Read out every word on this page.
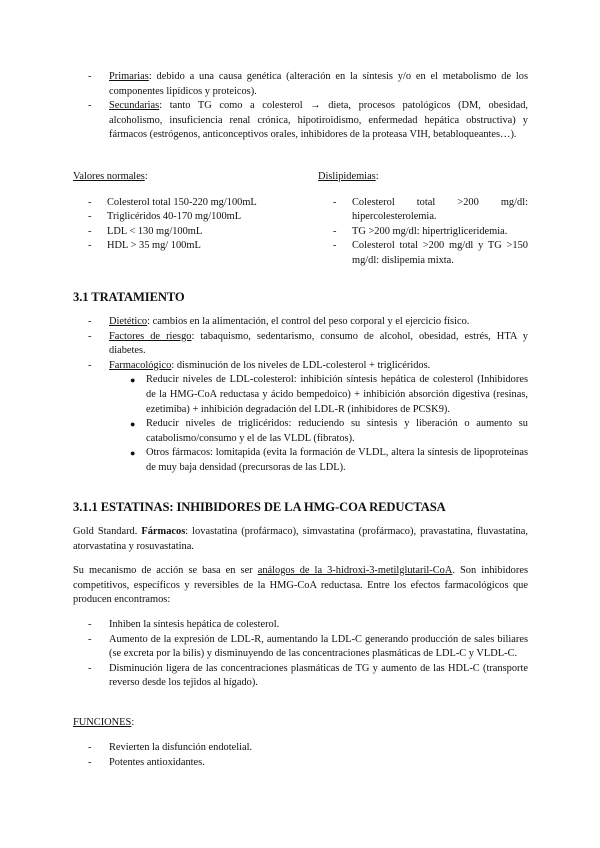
- Primarias: debido a una causa genética (alteración en la síntesis y/o en el metabolismo de los componentes lipídicos y proteicos).
- Secundarias: tanto TG como a colesterol → dieta, procesos patológicos (DM, obesidad, alcoholismo, insuficiencia renal crónica, hipotiroidismo, enfermedad hepática obstructiva) y fármacos (estrógenos, anticonceptivos orales, inhibidores de la proteasa VIH, betabloqueantes…).
Valores normales:
- Colesterol total 150-220 mg/100mL
- Triglicéridos 40-170 mg/100mL
- LDL < 130 mg/100mL
- HDL > 35 mg/ 100mL
Dislipidemias:
- Colesterol total >200 mg/dl: hipercolesterolemia.
- TG >200 mg/dl: hipertrigliceridemia.
- Colesterol total >200 mg/dl y TG >150 mg/dl: dislipemia mixta.
3.1 TRATAMIENTO
- Dietético: cambios en la alimentación, el control del peso corporal y el ejercicio físico.
- Factores de riesgo: tabaquismo, sedentarismo, consumo de alcohol, obesidad, estrés, HTA y diabetes.
- Farmacológico: disminución de los niveles de LDL-colesterol + triglicéridos.
● Reducir niveles de LDL-colesterol: inhibición síntesis hepática de colesterol (Inhibidores de la HMG-CoA reductasa y ácido bempedoico) + inhibición absorción digestiva (resinas, ezetimiba) + inhibición degradación del LDL-R (inhibidores de PCSK9).
● Reducir niveles de triglicéridos: reduciendo su síntesis y liberación o aumento su catabolismo/consumo y el de las VLDL (fibratos).
● Otros fármacos: lomitapida (evita la formación de VLDL, altera la síntesis de lipoproteínas de muy baja densidad (precursoras de las LDL).
3.1.1 ESTATINAS: INHIBIDORES DE LA HMG-COA REDUCTASA
Gold Standard. Fármacos: lovastatina (profármaco), simvastatina (profármaco), pravastatina, fluvastatina, atorvastatina y rosuvastatina.
Su mecanismo de acción se basa en ser análogos de la 3-hidroxi-3-metilglutaril-CoA. Son inhibidores competitivos, específicos y reversibles de la HMG-CoA reductasa. Entre los efectos farmacológicos que producen encontramos:
- Inhiben la síntesis hepática de colesterol.
- Aumento de la expresión de LDL-R, aumentando la LDL-C generando producción de sales biliares (se excreta por la bilis) y disminuyendo de las concentraciones plasmáticas de LDL-C y VLDL-C.
- Disminución ligera de las concentraciones plasmáticas de TG y aumento de las HDL-C (transporte reverso desde los tejidos al hígado).
FUNCIONES:
- Revierten la disfunción endotelial.
- Potentes antioxidantes.
